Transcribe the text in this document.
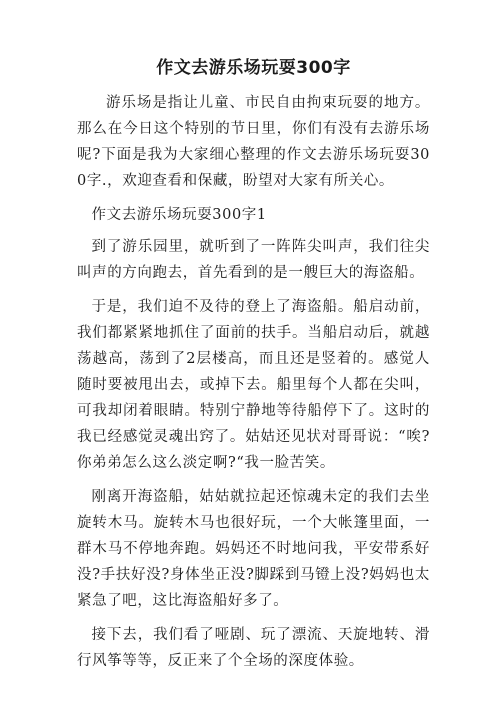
作文去游乐场玩耍300字

游乐场是指让儿童、市民自由拘束玩耍的地方。那么在今日这个特别的节日里，你们有没有去游乐场呢?下面是我为大家细心整理的作文去游乐场玩耍300字.，欢迎查看和保藏，盼望对大家有所关心。

作文去游乐场玩耍300字1

到了游乐园里，就听到了一阵阵尖叫声，我们往尖叫声的方向跑去，首先看到的是一艘巨大的海盗船。

于是，我们迫不及待的登上了海盗船。船启动前，我们都紧紧地抓住了面前的扶手。当船启动后，就越荡越高，荡到了2层楼高，而且还是竖着的。感觉人随时要被甩出去，或掉下去。船里每个人都在尖叫，可我却闭着眼睛。特别宁静地等待船停下了。这时的我已经感觉灵魂出窍了。姑姑还见状对哥哥说：“唉?你弟弟怎么这么淡定啊?“我一脸苦笑。

刚离开海盗船，姑姑就拉起还惊魂未定的我们去坐旋转木马。旋转木马也很好玩，一个大帐篷里面，一群木马不停地奔跑。妈妈还不时地问我，平安带系好没?手扶好没?身体坐正没?脚踩到马镫上没?妈妈也太紧急了吧，这比海盗船好多了。

接下去，我们看了哑剧、玩了漂流、天旋地转、滑行风筝等等，反正来了个全场的深度体验。
